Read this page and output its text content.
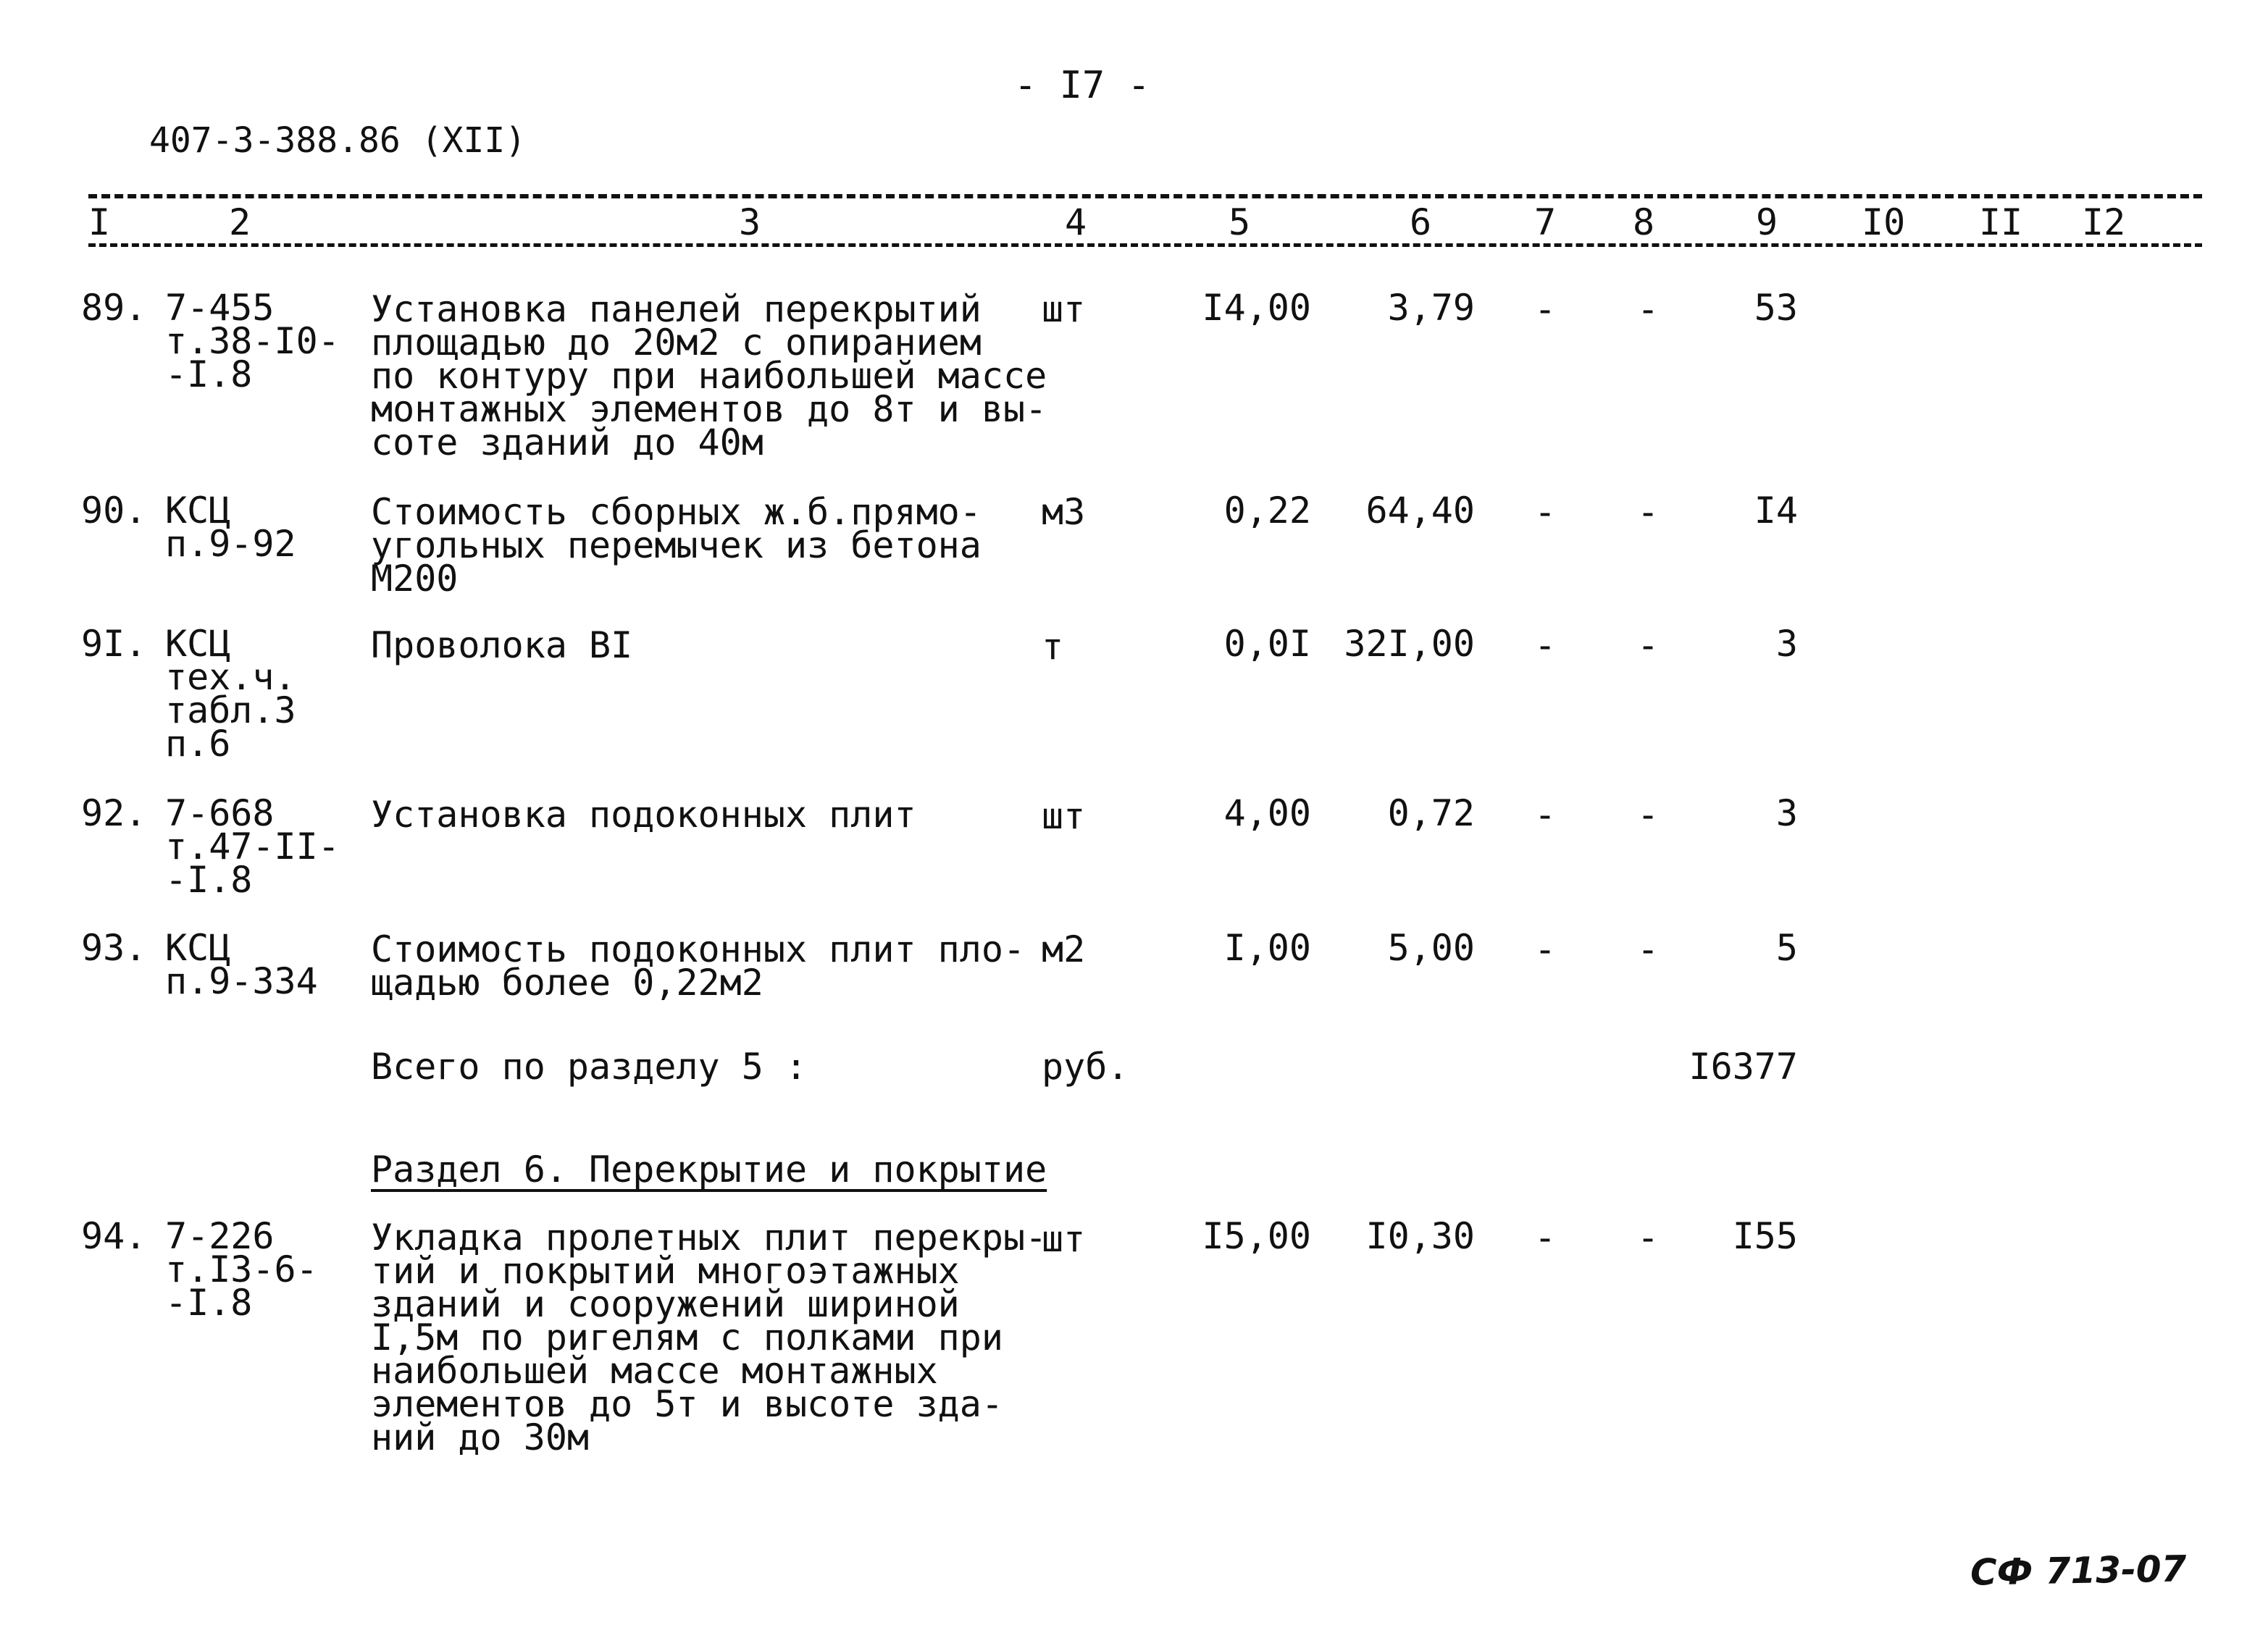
- I7 -
407-3-388.86 (XII)
I	2	3	4	5	6	7 8	9 I0 II I2
89. 7-455
т.38-I0-
-I.8
Установка панелей перекрытий
площадью до 20м2 с опиранием
по контуру при наибольшей массе
монтажных элементов до 8т и вы-
соте зданий до 40м
шт	I4,00	3,79 - -	53
90. КСЦ
п.9-92
Стоимость сборных ж.б.прямо-
угольных перемычек из бетона
М200
м3	0,22	64,40 - -	I4
9I. КСЦ
тех.ч.
табл.3
п.6
Проволока BI	т	0,0I 32I,00 - -	3
92. 7-668
т.47-II-
-I.8
Установка подоконных плит	шт	4,00	0,72 - -	3
93. КСЦ
п.9-334
Стоимость подоконных плит пло-
щадью более 0,22м2
м2	I,00	5,00 - -	5
Всего по разделу 5 :	руб.	I6377
Раздел 6. Перекрытие и покрытие
94. 7-226
т.I3-6-
-I.8
Укладка пролетных плит перекры-
тий и покрытий многоэтажных
зданий и сооружений шириной
I,5м по ригелям с полками при
наибольшей массе монтажных
элементов до 5т и высоте зда-
ний до 30м
шт	I5,00	I0,30 - -	I55
СФ 713-07
